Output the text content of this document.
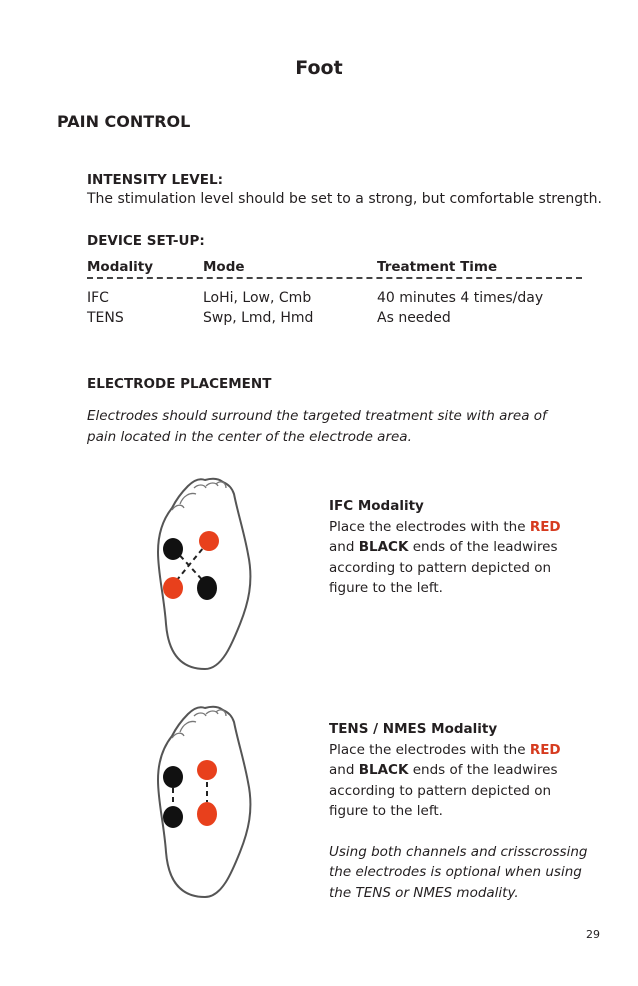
Foot
PAIN CONTROL
INTENSITY LEVEL:
The stimulation level should be set to a strong, but comfortable strength.
DEVICE SET-UP:
Modality	Mode	Treatment Time
IFC	LoHi, Low, Cmb	40 minutes 4 times/day
TENS	Swp, Lmd, Hmd	As needed
ELECTRODE PLACEMENT
Electrodes should surround the targeted treatment site with area of pain located in the center of the electrode area.
IFC Modality
Place the electrodes with the RED
and BLACK ends of the leadwires
according to pattern depicted on
figure to the left.
TENS / NMES Modality
Place the electrodes with the RED
and BLACK ends of the leadwires
according to pattern depicted on
figure to the left.
Using both channels and crisscrossing
the electrodes is optional when using
the TENS or NMES modality.
29
